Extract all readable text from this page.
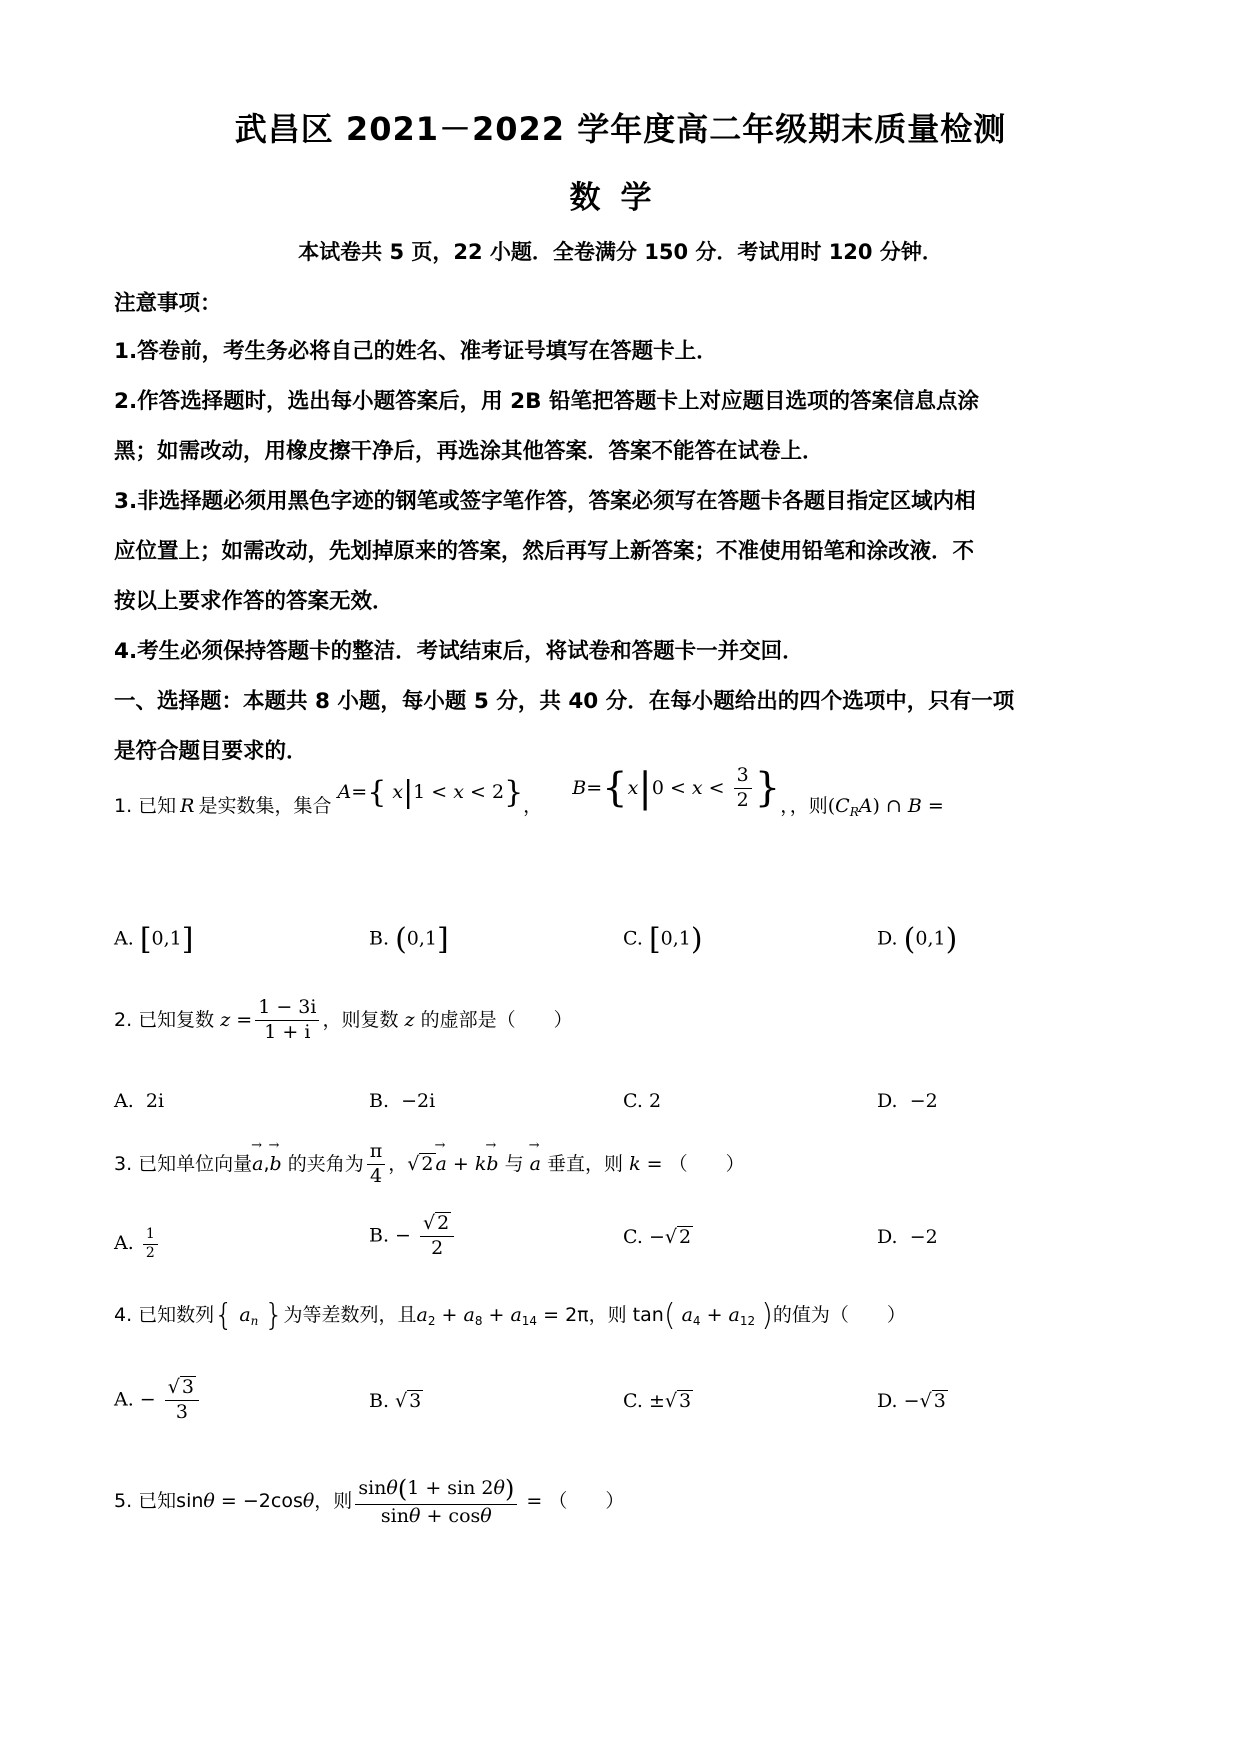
武昌区 2021－2022 学年度高二年级期末质量检测
数学
本试卷共 5 页，22 小题．全卷满分 150 分．考试用时 120 分钟．
注意事项：
1.答卷前，考生务必将自己的姓名、准考证号填写在答题卡上．
2.作答选择题时，选出每小题答案后，用 2B 铅笔把答题卡上对应题目选项的答案信息点涂
黑；如需改动，用橡皮擦干净后，再选涂其他答案．答案不能答在试卷上．
3.非选择题必须用黑色字迹的钢笔或签字笔作答，答案必须写在答题卡各题目指定区域内相
应位置上；如需改动，先划掉原来的答案，然后再写上新答案；不准使用铅笔和涂改液．不
按以上要求作答的答案无效．
4.考生必须保持答题卡的整洁．考试结束后，将试卷和答题卡一并交回．
一、选择题：本题共 8 小题，每小题 5 分，共 40 分．在每小题给出的四个选项中，只有一项
是符合题目要求的．
1. 已知 R 是实数集，集合 A={ x|1 < x < 2}，  $B=\{x|0 < x < \frac{3}{2}$ }，，则$(C_RA)$ ∩ B =
A. [0,1]	B. (0,1]	C. [0,1)	D. (0,1)
2. 已知复数 $z = \frac{1 - 3i}{1 + i}$ ，则复数 z 的虚部是（　　）
A. 2i	B. −2i	C. 2	D. −2
3. 已知单位向量→ a,→ b 的夹角为 $\frac{\pi}{4}$ ，√ 2 → a + k→ b 与 → a 垂直，则 k = （　　）
A. $\frac{1}{2}$	B. − $\frac{√ 2}{2}$	C. −√ 2	D. −2
4. 已知数列{ $a_n$ }为等差数列，且$a_2 + a_8 + a_{14} = 2\pi$，则 tan( $a_4 + a_{12}$ )的值为（　　）
A. − $\frac{√ 3}{3}$	B. √ 3	C. ±√ 3	D. −√ 3
5. 已知sinθ = −2cosθ，则 $\frac{\sin\theta(1 + \sin 2\theta)}{\sin\theta + \cos\theta}$ = （　　）
